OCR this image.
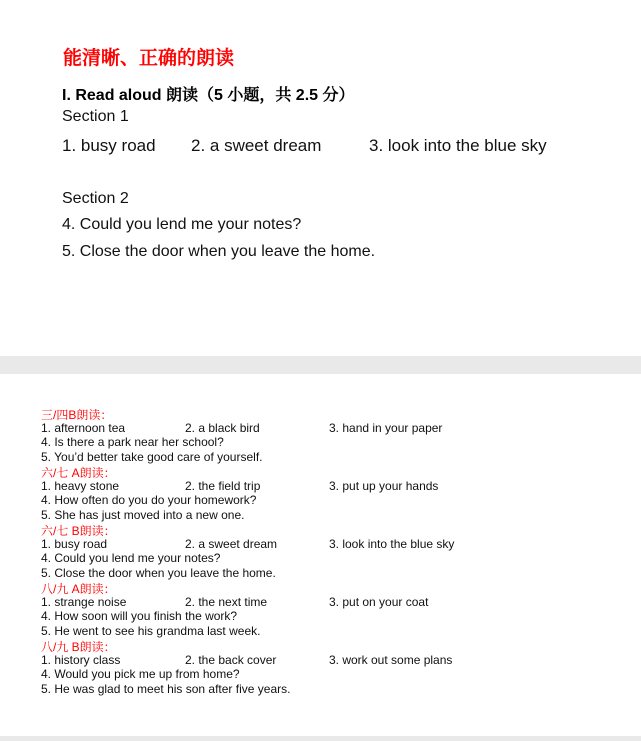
能清晰、正确的朗读
I. Read aloud 朗读（5 小题，共 2.5 分）
Section 1
1. busy road 2. a sweet dream	3. look into the blue sky
Section 2
4. Could you lend me your notes?
5. Close the door when you leave the home.
三/四B朗读：
1. afternoon tea	2. a black bird	3. hand in your paper
4. Is there a park near her school?
5. You’d better take good care of yourself.
六/七 A朗读：
1. heavy stone	2. the field trip	3. put up your hands
4. How often do you do your homework?
5. She has just moved into a new one.
六/七 B朗读：
1. busy road	2. a sweet dream	3. look into the blue sky
4. Could you lend me your notes?
5. Close the door when you leave the home.
八/九 A朗读：
1. strange noise	2. the next time	3. put on your coat
4. How soon will you finish the work?
5. He went to see his grandma last week.
八/九 B朗读：
1. history class	2. the back cover	3. work out some plans
4. Would you pick me up from home?
5. He was glad to meet his son after five years.
